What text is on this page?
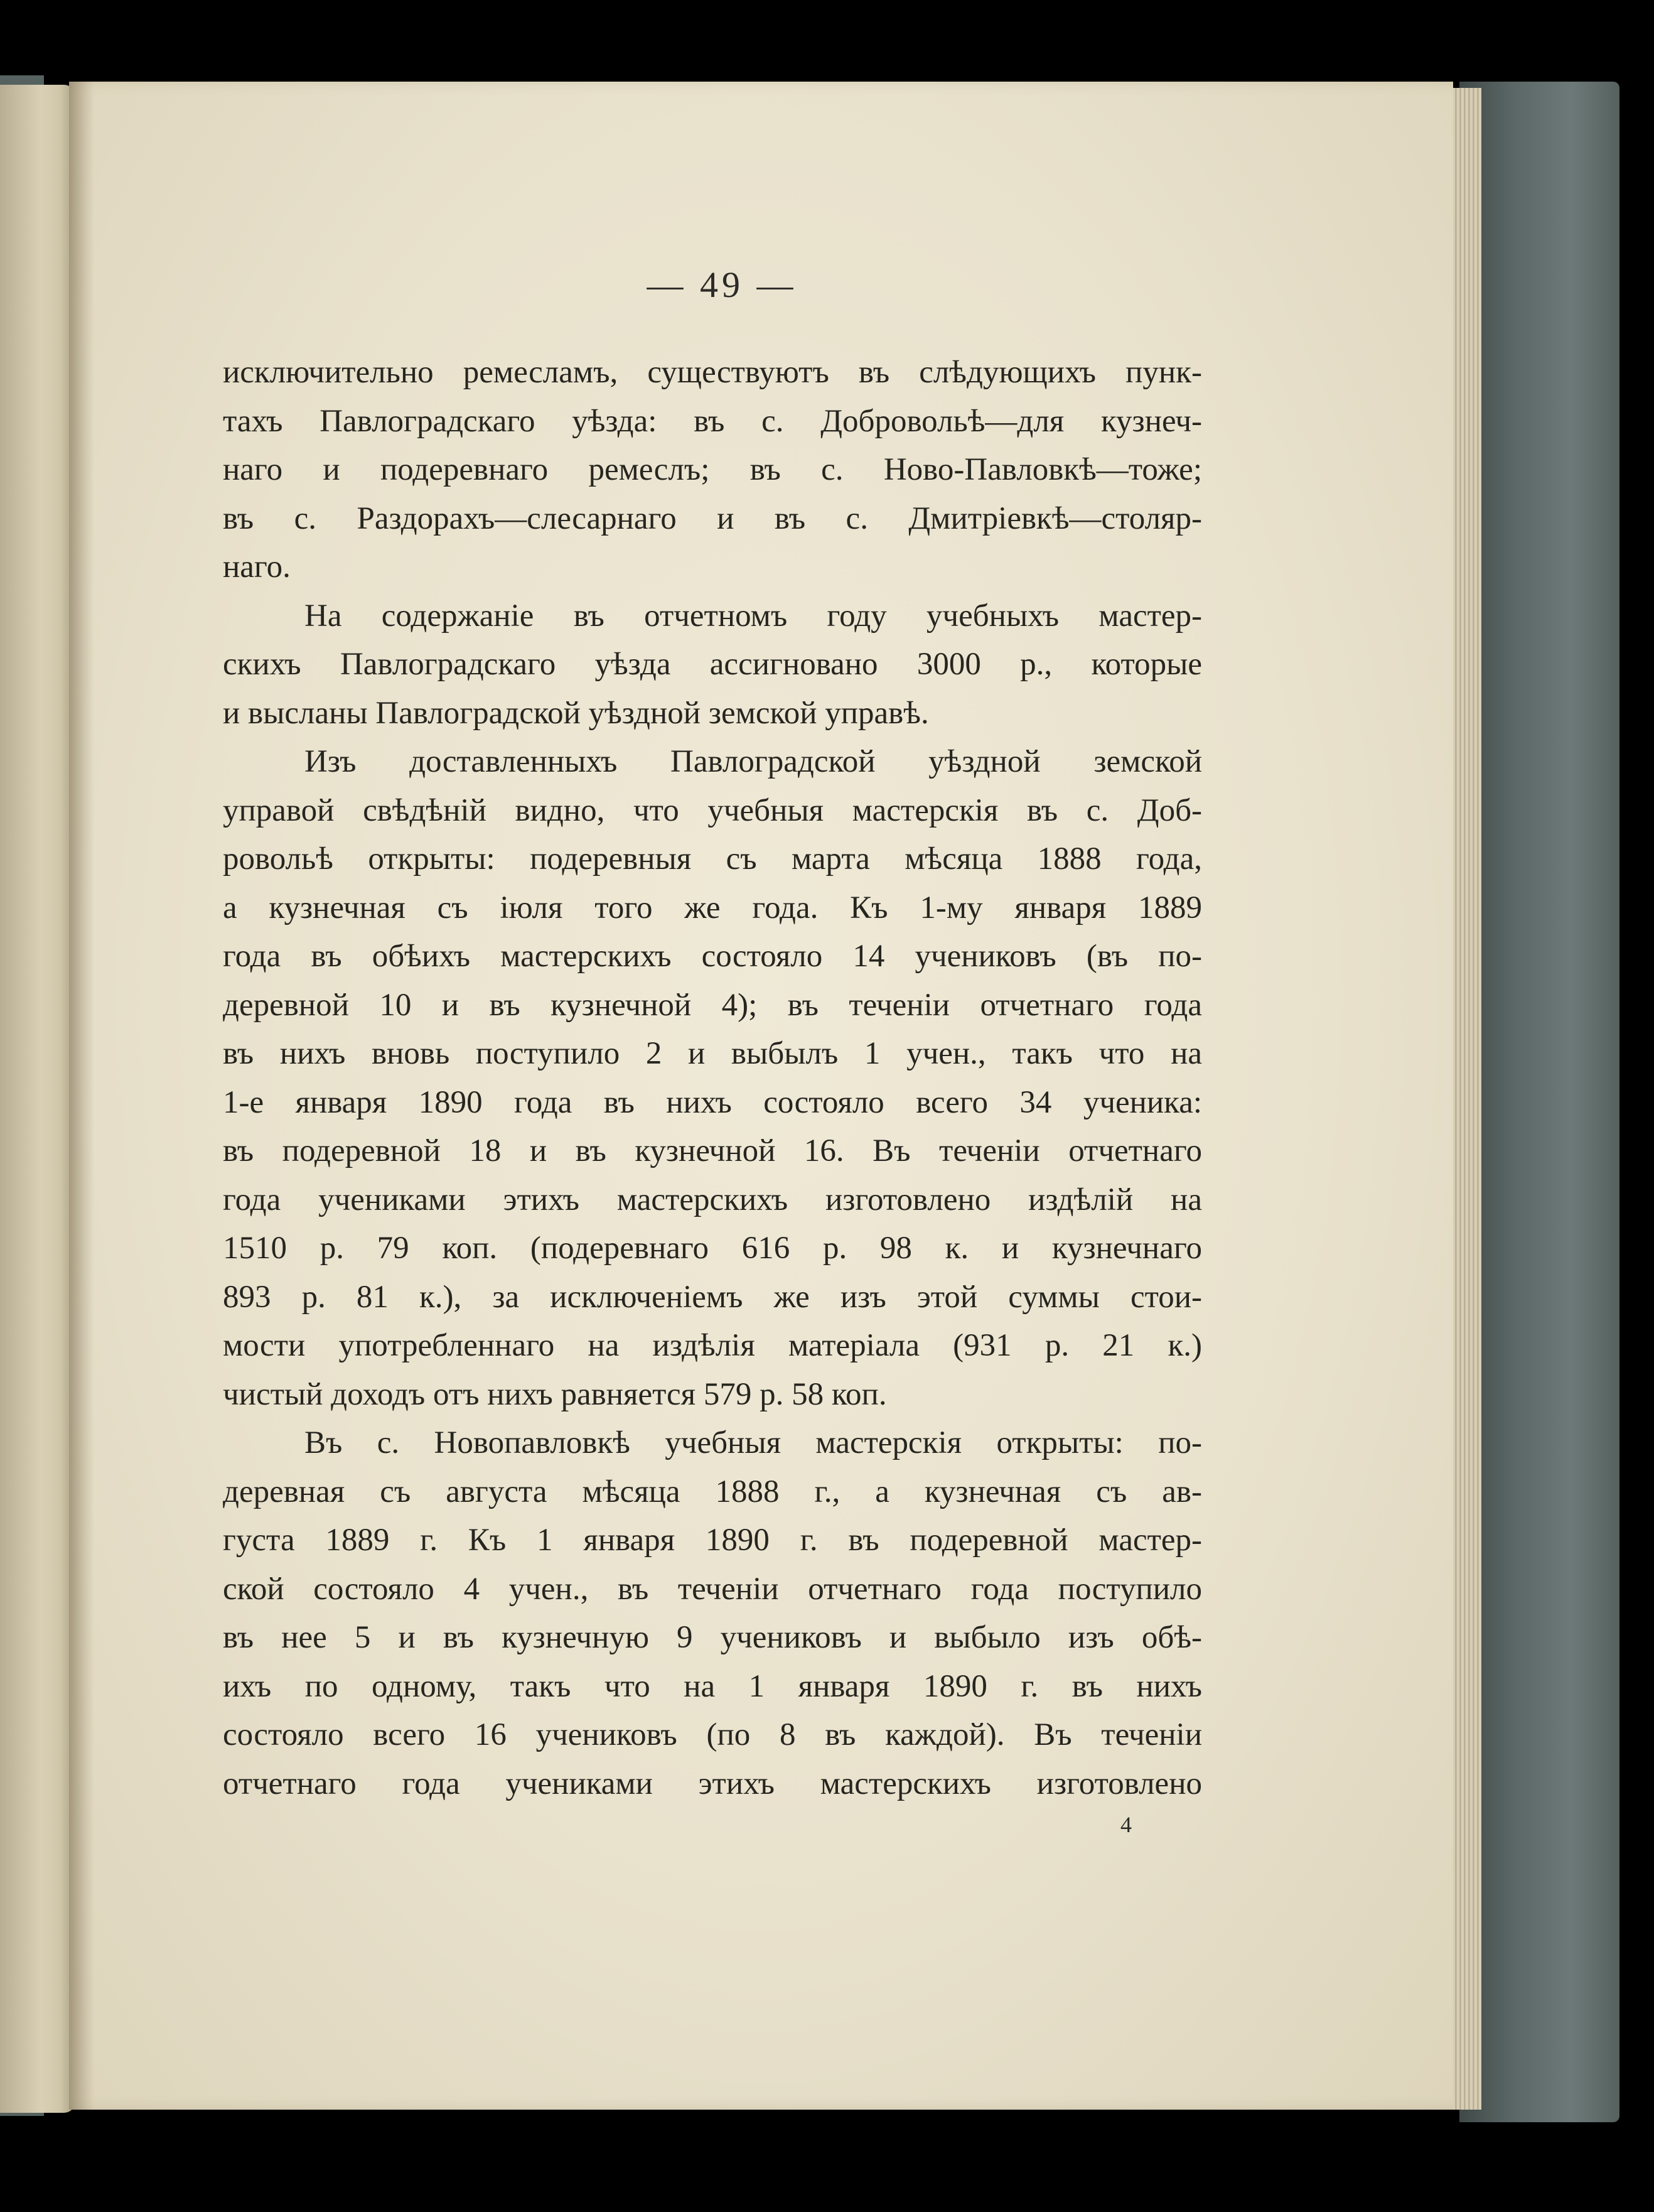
— 49 —
исключительно ремесламъ, существуютъ въ слѣдующихъ пунк-
тахъ Павлоградскаго уѣзда: въ с. Добровольѣ—для кузнеч-
наго и подеревнаго ремеслъ; въ с. Ново-Павловкѣ—тоже;
въ с. Раздорахъ—слесарнаго и въ с. Дмитріевкѣ—столяр-
наго.
На содержаніе въ отчетномъ году учебныхъ мастер-
скихъ Павлоградскаго уѣзда ассигновано 3000 р., которые
и высланы Павлоградской уѣздной земской управѣ.
Изъ доставленныхъ Павлоградской уѣздной земской
управой свѣдѣній видно, что учебныя мастерскія въ с. Доб-
ровольѣ открыты: подеревныя съ марта мѣсяца 1888 года,
а кузнечная съ іюля того же года. Къ 1-му января 1889
года въ обѣихъ мастерскихъ состояло 14 учениковъ (въ по-
деревной 10 и въ кузнечной 4); въ теченіи отчетнаго года
въ нихъ вновь поступило 2 и выбылъ 1 учен., такъ что на
1-е января 1890 года въ нихъ состояло всего 34 ученика:
въ подеревной 18 и въ кузнечной 16. Въ теченіи отчетнаго
года учениками этихъ мастерскихъ изготовлено издѣлій на
1510 р. 79 коп. (подеревнаго 616 р. 98 к. и кузнечнаго
893 р. 81 к.), за исключеніемъ же изъ этой суммы стои-
мости употребленнаго на издѣлія матеріала (931 р. 21 к.)
чистый доходъ отъ нихъ равняется 579 р. 58 коп.
Въ с. Новопавловкѣ учебныя мастерскія открыты: по-
деревная съ августа мѣсяца 1888 г., а кузнечная съ ав-
густа 1889 г. Къ 1 января 1890 г. въ подеревной мастер-
ской состояло 4 учен., въ теченіи отчетнаго года поступило
въ нее 5 и въ кузнечную 9 учениковъ и выбыло изъ обѣ-
ихъ по одному, такъ что на 1 января 1890 г. въ нихъ
состояло всего 16 учениковъ (по 8 въ каждой). Въ теченіи
отчетнаго года учениками этихъ мастерскихъ изготовлено
4
